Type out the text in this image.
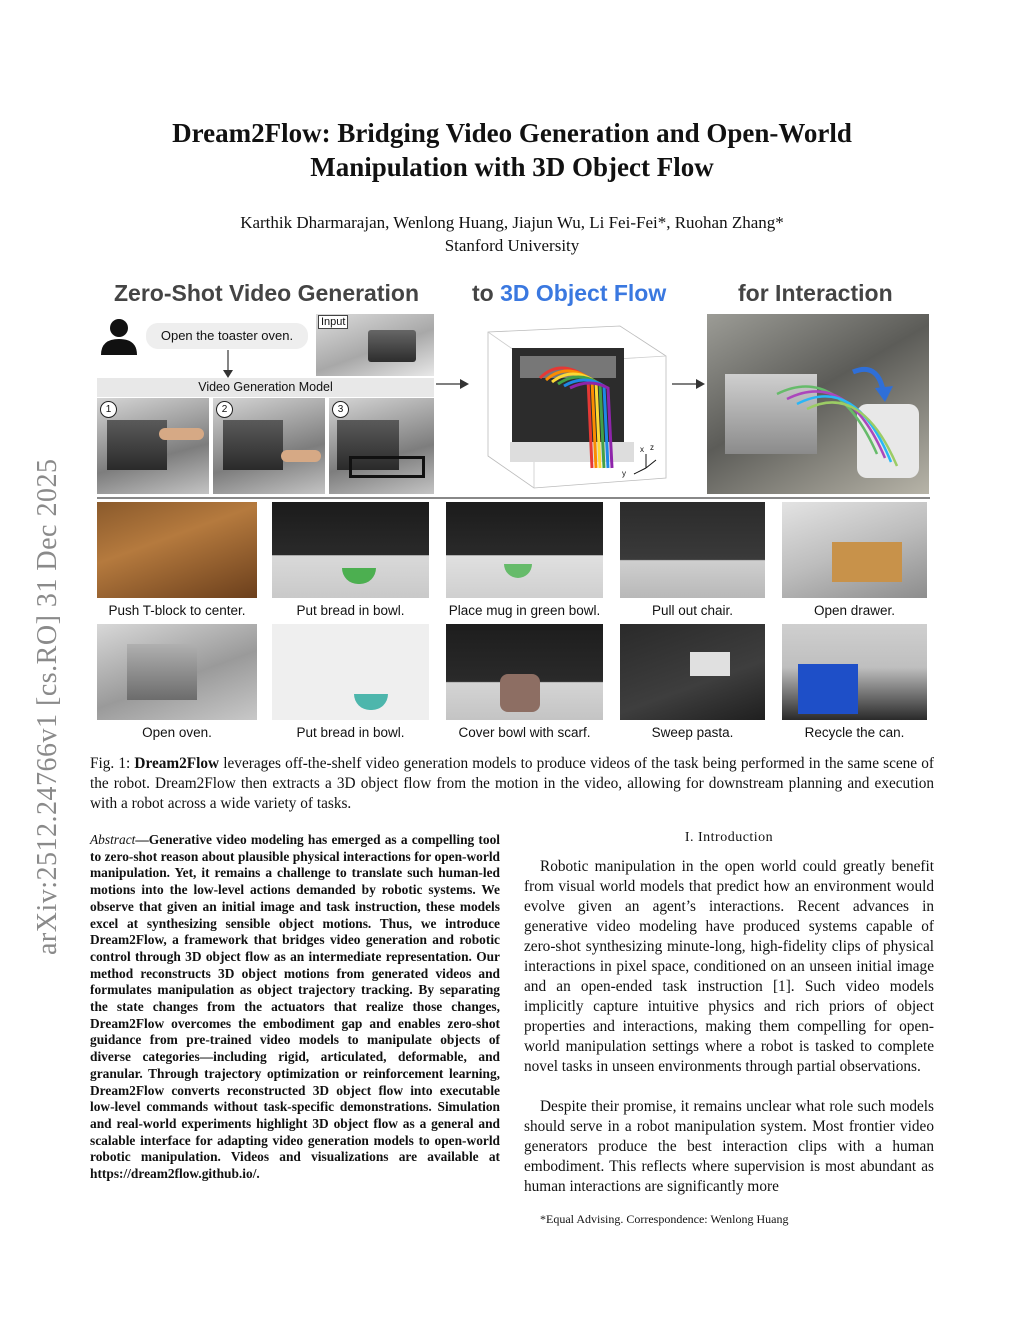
arXiv:2512.24766v1 [cs.RO] 31 Dec 2025
Dream2Flow: Bridging Video Generation and Open-World Manipulation with 3D Object Flow
Karthik Dharmarajan, Wenlong Huang, Jiajun Wu, Li Fei-Fei*, Ruohan Zhang*
Stanford University
Zero-Shot Video Generation to 3D Object Flow	for Interaction
Open the toaster oven.
Input
Video Generation Model
1	2	3
x z
y
Push T-block to center.	Put bread in bowl.	Place mug in green bowl.	Pull out chair.	Open drawer.
Open oven.	Put bread in bowl.	Cover bowl with scarf.	Sweep pasta.	Recycle the can.
Fig. 1: Dream2Flow leverages off-the-shelf video generation models to produce videos of the task being performed in the same scene of the robot. Dream2Flow then extracts a 3D object flow from the motion in the video, allowing for downstream planning and execution with a robot across a wide variety of tasks.
Abstract—Generative video modeling has emerged as a compelling tool to zero-shot reason about plausible physical interactions for open-world manipulation. Yet, it remains a challenge to translate such human-led motions into the low-level actions demanded by robotic systems. We observe that given an initial image and task instruction, these models excel at synthesizing sensible object motions. Thus, we introduce Dream2Flow, a framework that bridges video generation and robotic control through 3D object flow as an intermediate representation. Our method reconstructs 3D object motions from generated videos and formulates manipulation as object trajectory tracking. By separating the state changes from the actuators that realize those changes, Dream2Flow overcomes the embodiment gap and enables zero-shot guidance from pre-trained video models to manipulate objects of diverse categories—including rigid, articulated, deformable, and granular. Through trajectory optimization or reinforcement learning, Dream2Flow converts reconstructed 3D object flow into executable low-level commands without task-specific demonstrations. Simulation and real-world experiments highlight 3D object flow as a general and scalable interface for adapting video generation models to open-world robotic manipulation. Videos and visualizations are available at https://dream2flow.github.io/.
I. Introduction
Robotic manipulation in the open world could greatly benefit from visual world models that predict how an environment would evolve given an agent’s interactions. Recent advances in generative video modeling have produced systems capable of zero-shot synthesizing minute-long, high-fidelity clips of physical interactions in pixel space, conditioned on an unseen initial image and an open-ended task instruction [1]. Such video models implicitly capture intuitive physics and rich priors of object properties and interactions, making them compelling for open-world manipulation settings where a robot is tasked to complete novel tasks in unseen environments through partial observations.
Despite their promise, it remains unclear what role such models should serve in a robot manipulation system. Most frontier video generators produce the best interaction clips with a human embodiment. This reflects where supervision is most abundant as human interactions are significantly more
*Equal Advising. Correspondence: Wenlong Huang
